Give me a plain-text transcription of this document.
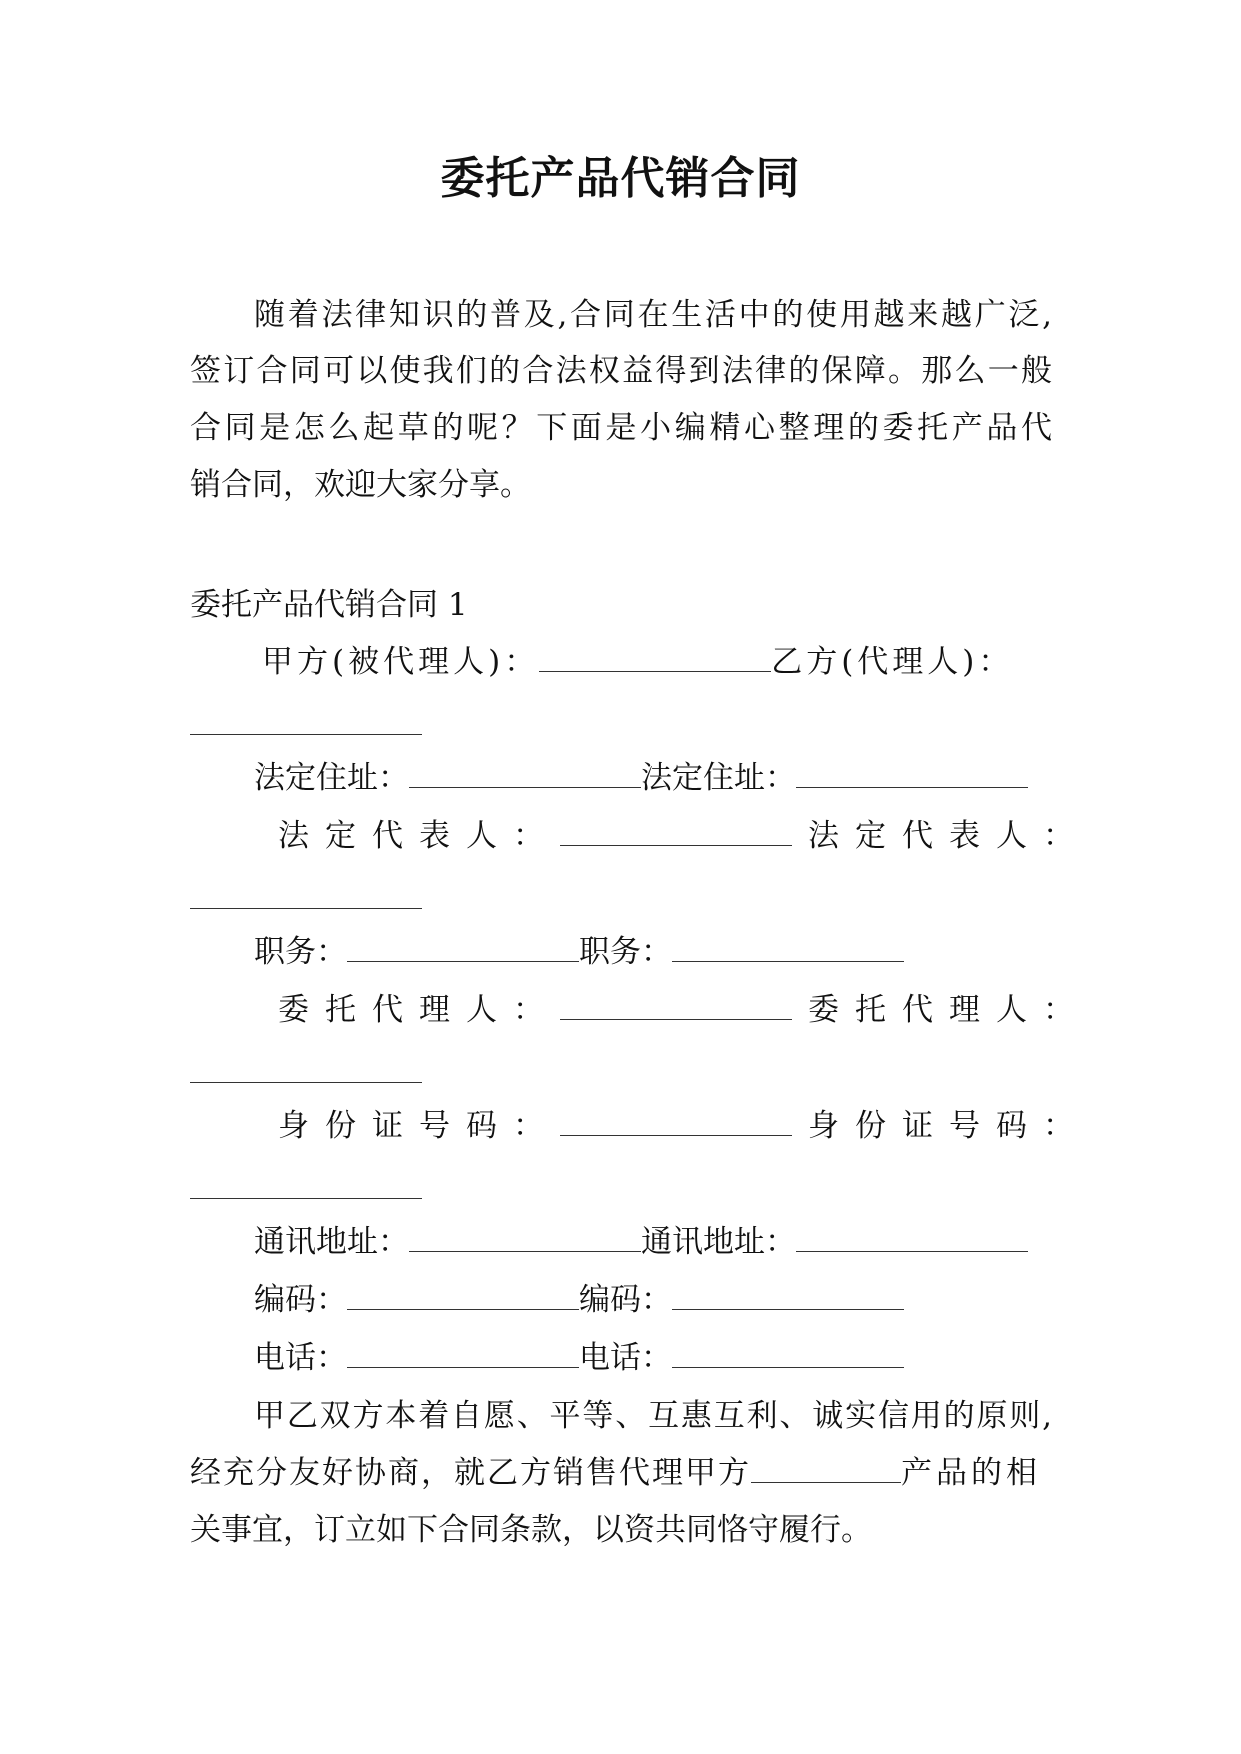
委托产品代销合同
随着法律知识的普及,合同在生活中的使用越来越广泛,
签订合同可以使我们的合法权益得到法律的保障。那么一般
合同是怎么起草的呢？下面是小编精心整理的委托产品代
销合同，欢迎大家分享。
委托产品代销合同 1
甲方(被代理人)：	乙方(代理人)：
法定住址：	法定住址：
法定代表人：	法定代表人：
职务：	职务：
委托代理人：	委托代理人：
身份证号码：	身份证号码：
通讯地址：	通讯地址：
编码：	编码：
电话：	电话：
甲乙双方本着自愿、平等、互惠互利、诚实信用的原则,
经充分友好协商，就乙方销售代理甲方	产品的相
关事宜，订立如下合同条款，以资共同恪守履行。
